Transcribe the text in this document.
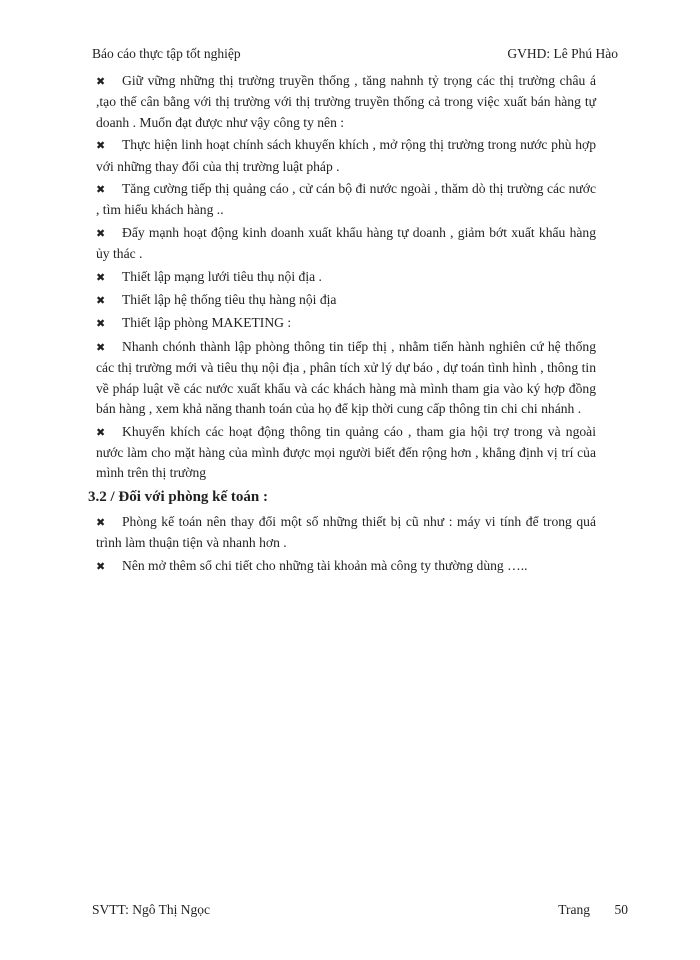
Báo cáo thực tập tốt nghiệp	GVHD: Lê Phú Hào

✖ Giữ vững những thị trường truyền thống , tăng nahnh tỷ trọng các thị trường châu á ,tạo thế cân bằng với thị trường với thị trường truyền thống cả trong việc xuất bán hàng tự doanh . Muốn đạt được như vậy công ty nên :

✖ Thực hiện linh hoạt chính sách khuyến khích , mở rộng thị trường trong nước phù hợp với những thay đổi của thị trường luật pháp .

✖ Tăng cường tiếp thị quảng cáo , cử cán bộ đi nước ngoài , thăm dò thị trường các nước , tìm hiểu khách hàng ..

✖ Đẩy mạnh hoạt động kinh doanh xuất khẩu hàng tự doanh , giảm bớt xuất khẩu hàng ủy thác .

✖ Thiết lập mạng lưới tiêu thụ nội địa .

✖ Thiết lập hệ thống tiêu thụ hàng nội địa

✖ Thiết lập phòng MAKETING :

✖ Nhanh chónh thành lập phòng thông tin tiếp thị , nhằm tiến hành nghiên cứ hệ thống các thị trường mới và tiêu thụ nội địa , phân tích xử lý dự báo , dự toán tình hình , thông tin về pháp luật về các nước xuất khẩu và các khách hàng mà mình tham gia vào ký hợp đồng bán hàng , xem khả năng thanh toán của họ để kịp thời cung cấp thông tin chi chi nhánh .

✖ Khuyến khích các hoạt động thông tin quảng cáo , tham gia hội trợ trong và ngoài nước làm cho mặt hàng của mình được mọi người biết đến rộng hơn , khẳng định vị trí của mình trên thị trường

3.2 / Đối với phòng kế toán :

✖ Phòng kế toán nên thay đổi một số những thiết bị cũ như : máy vi tính để trong quá trình làm thuận tiện và nhanh hơn .

✖ Nên mở thêm sổ chi tiết cho những tài khoản mà công ty thường dùng …..

SVTT: Ngô Thị Ngọc	Trang 50
